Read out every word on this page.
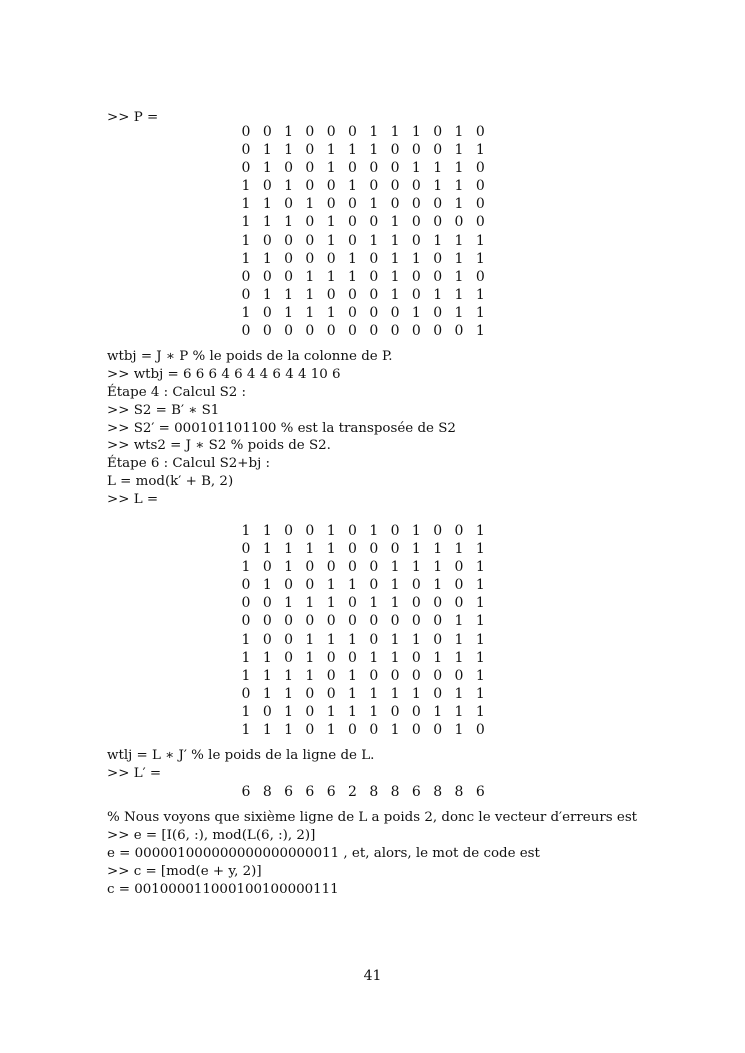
>> P =
0 0 1 0 0 0 1 1 1 0 1 0
0 1 1 0 1 1 1 0 0 0 1 1
0 1 0 0 1 0 0 0 1 1 1 0
1 0 1 0 0 1 0 0 0 1 1 0
1 1 0 1 0 0 1 0 0 0 1 0
1 1 1 0 1 0 0 1 0 0 0 0
1 0 0 0 1 0 1 1 0 1 1 1
1 1 0 0 0 1 0 1 1 0 1 1
0 0 0 1 1 1 0 1 0 0 1 0
0 1 1 1 0 0 0 1 0 1 1 1
1 0 1 1 1 0 0 0 1 0 1 1
0 0 0 0 0 0 0 0 0 0 0 1
wtbj = J ∗ P % le poids de la colonne de P.
>> wtbj = 6 6 6 4 6 4 4 6 4 4 10 6
Étape 4 : Calcul S2 :
>> S2 = B′ ∗ S1
>> S2′ = 000101101100 % est la transposée de S2
>> wts2 = J ∗ S2 % poids de S2.
Étape 6 : Calcul S2+bj :
L = mod(k′ + B, 2)
>> L =
1 1 0 0 1 0 1 0 1 0 0 1
0 1 1 1 1 0 0 0 1 1 1 1
1 0 1 0 0 0 0 1 1 1 0 1
0 1 0 0 1 1 0 1 0 1 0 1
0 0 1 1 1 0 1 1 0 0 0 1
0 0 0 0 0 0 0 0 0 0 1 1
1 0 0 1 1 1 0 1 1 0 1 1
1 1 0 1 0 0 1 1 0 1 1 1
1 1 1 1 0 1 0 0 0 0 0 1
0 1 1 0 0 1 1 1 1 0 1 1
1 0 1 0 1 1 1 0 0 1 1 1
1 1 1 0 1 0 0 1 0 0 1 0
wtlj = L ∗ J′ % le poids de la ligne de L.
>> L′ =
6 8 6 6 6 2 8 8 6 8 8 6
% Nous voyons que sixième ligne de L a poids 2, donc le vecteur d′erreurs est
>> e = [I(6, :), mod(L(6, :), 2)]
e = 000001000000000000000011 , et, alors, le mot de code est
>> c = [mod(e + y, 2)]
c = 001000011000100100000111
41
